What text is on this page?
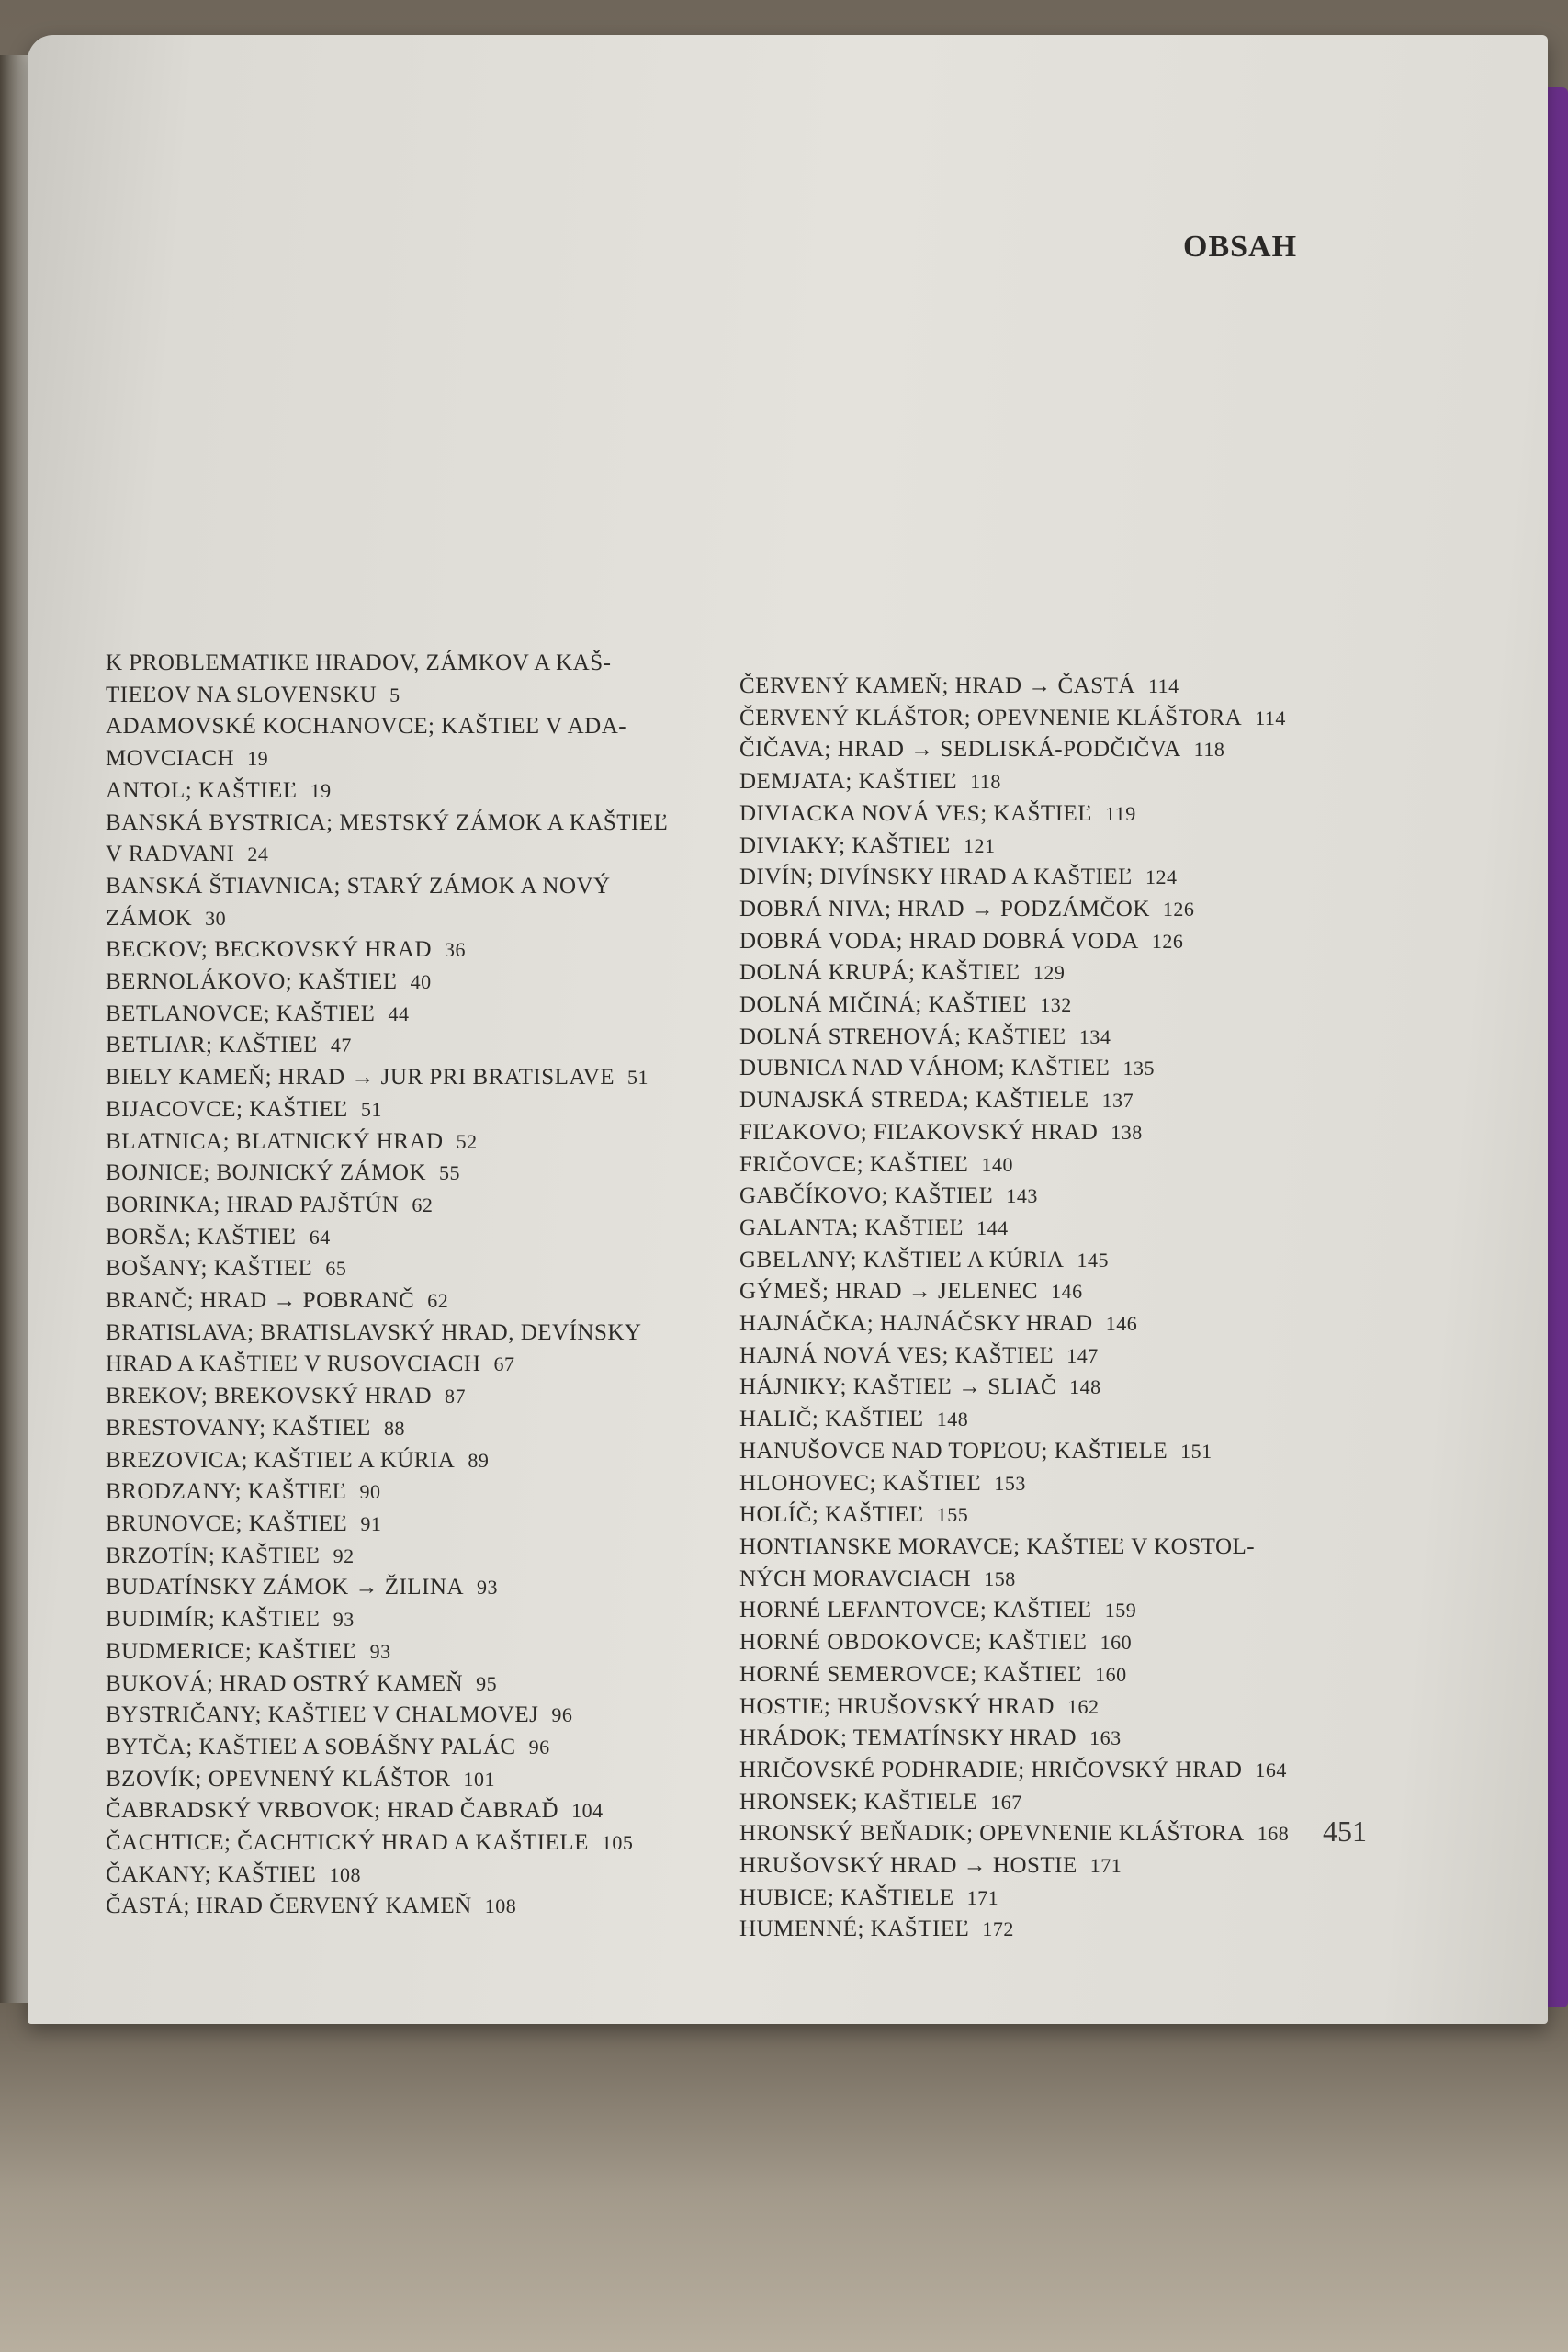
OBSAH
K PROBLEMATIKE HRADOV, ZÁMKOV A KAŠ-
TIEĽOV NA SLOVENSKU 5
ADAMOVSKÉ KOCHANOVCE; KAŠTIEĽ V ADA-
MOVCIACH 19
ANTOL; KAŠTIEĽ 19
BANSKÁ BYSTRICA; MESTSKÝ ZÁMOK A KAŠTIEĽ
V RADVANI 24
BANSKÁ ŠTIAVNICA; STARÝ ZÁMOK A NOVÝ
ZÁMOK 30
BECKOV; BECKOVSKÝ HRAD 36
BERNOLÁKOVO; KAŠTIEĽ 40
BETLANOVCE; KAŠTIEĽ 44
BETLIAR; KAŠTIEĽ 47
BIELY KAMEŇ; HRAD → JUR PRI BRATISLAVE 51
BIJACOVCE; KAŠTIEĽ 51
BLATNICA; BLATNICKÝ HRAD 52
BOJNICE; BOJNICKÝ ZÁMOK 55
BORINKA; HRAD PAJŠTÚN 62
BORŠA; KAŠTIEĽ 64
BOŠANY; KAŠTIEĽ 65
BRANČ; HRAD → POBRANČ 62
BRATISLAVA; BRATISLAVSKÝ HRAD, DEVÍNSKY
HRAD A KAŠTIEĽ V RUSOVCIACH 67
BREKOV; BREKOVSKÝ HRAD 87
BRESTOVANY; KAŠTIEĽ 88
BREZOVICA; KAŠTIEĽ A KÚRIA 89
BRODZANY; KAŠTIEĽ 90
BRUNOVCE; KAŠTIEĽ 91
BRZOTÍN; KAŠTIEĽ 92
BUDATÍNSKY ZÁMOK → ŽILINA 93
BUDIMÍR; KAŠTIEĽ 93
BUDMERICE; KAŠTIEĽ 93
BUKOVÁ; HRAD OSTRÝ KAMEŇ 95
BYSTRIČANY; KAŠTIEĽ V CHALMOVEJ 96
BYTČA; KAŠTIEĽ A SOBÁŠNY PALÁC 96
BZOVÍK; OPEVNENÝ KLÁŠTOR 101
ČABRADSKÝ VRBOVOK; HRAD ČABRAĎ 104
ČACHTICE; ČACHTICKÝ HRAD A KAŠTIELE 105
ČAKANY; KAŠTIEĽ 108
ČASTÁ; HRAD ČERVENÝ KAMEŇ 108
ČERVENÝ KAMEŇ; HRAD → ČASTÁ 114
ČERVENÝ KLÁŠTOR; OPEVNENIE KLÁŠTORA 114
ČIČAVA; HRAD → SEDLISKÁ-PODČIČVA 118
DEMJATA; KAŠTIEĽ 118
DIVIACKA NOVÁ VES; KAŠTIEĽ 119
DIVIAKY; KAŠTIEĽ 121
DIVÍN; DIVÍNSKY HRAD A KAŠTIEĽ 124
DOBRÁ NIVA; HRAD → PODZÁMČOK 126
DOBRÁ VODA; HRAD DOBRÁ VODA 126
DOLNÁ KRUPÁ; KAŠTIEĽ 129
DOLNÁ MIČINÁ; KAŠTIEĽ 132
DOLNÁ STREHOVÁ; KAŠTIEĽ 134
DUBNICA NAD VÁHOM; KAŠTIEĽ 135
DUNAJSKÁ STREDA; KAŠTIELE 137
FIĽAKOVO; FIĽAKOVSKÝ HRAD 138
FRIČOVCE; KAŠTIEĽ 140
GABČÍKOVO; KAŠTIEĽ 143
GALANTA; KAŠTIEĽ 144
GBELANY; KAŠTIEĽ A KÚRIA 145
GÝMEŠ; HRAD → JELENEC 146
HAJNÁČKA; HAJNÁČSKY HRAD 146
HAJNÁ NOVÁ VES; KAŠTIEĽ 147
HÁJNIKY; KAŠTIEĽ → SLIAČ 148
HALIČ; KAŠTIEĽ 148
HANUŠOVCE NAD TOPĽOU; KAŠTIELE 151
HLOHOVEC; KAŠTIEĽ 153
HOLÍČ; KAŠTIEĽ 155
HONTIANSKE MORAVCE; KAŠTIEĽ V KOSTOL-
NÝCH MORAVCIACH 158
HORNÉ LEFANTOVCE; KAŠTIEĽ 159
HORNÉ OBDOKOVCE; KAŠTIEĽ 160
HORNÉ SEMEROVCE; KAŠTIEĽ 160
HOSTIE; HRUŠOVSKÝ HRAD 162
HRÁDOK; TEMATÍNSKY HRAD 163
HRIČOVSKÉ PODHRADIE; HRIČOVSKÝ HRAD 164
HRONSEK; KAŠTIELE 167
HRONSKÝ BEŇADIK; OPEVNENIE KLÁŠTORA 168
HRUŠOVSKÝ HRAD → HOSTIE 171
HUBICE; KAŠTIELE 171
HUMENNÉ; KAŠTIEĽ 172
451
